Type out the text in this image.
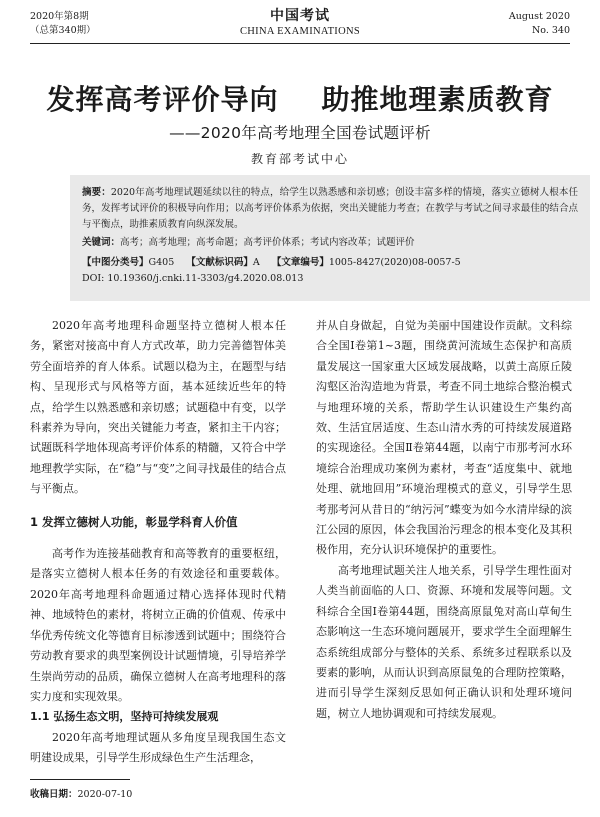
2020年第8期
（总第340期）
中国考试
CHINA EXAMINATIONS
August 2020
No. 340
发挥高考评价导向    助推地理素质教育
——2020年高考地理全国卷试题评析
教育部考试中心

摘要：2020年高考地理试题延续以往的特点，给学生以熟悉感和亲切感；创设丰富多样的情境，落实立德树人根本任务，发挥考试评价的积极导向作用；以高考评价体系为依据，突出关键能力考查；在教学与考试之间寻求最佳的结合点与平衡点，助推素质教育向纵深发展。

关键词：高考；高考地理；高考命题；高考评价体系；考试内容改革；试题评价

【中图分类号】G405 【文献标识码】A 【文章编号】1005-8427(2020)08-0057-5
DOI: 10.19360/j.cnki.11-3303/g4.2020.08.013

2020年高考地理科命题坚持立德树人根本任务，紧密对接高中育人方式改革，助力完善德智体美劳全面培养的育人体系。试题以稳为主，在题型与结构、呈现形式与风格等方面，基本延续近些年的特点，给学生以熟悉感和亲切感；试题稳中有变，以学科素养为导向，突出关键能力考查，紧扣主干内容；试题既科学地体现高考评价体系的精髓，又符合中学地理教学实际，在“稳”与“变”之间寻找最佳的结合点与平衡点。

1 发挥立德树人功能，彰显学科育人价值

高考作为连接基础教育和高等教育的重要枢纽，是落实立德树人根本任务的有效途径和重要载体。2020年高考地理科命题通过精心选择体现时代精神、地域特色的素材，将树立正确的价值观、传承中华优秀传统文化等德育目标渗透到试题中；围绕符合劳动教育要求的典型案例设计试题情境，引导培养学生崇尚劳动的品质，确保立德树人在高考地理科的落实力度和实现效果。

1.1 弘扬生态文明，坚持可持续发展观

2020年高考地理试题从多角度呈现我国生态文明建设成果，引导学生形成绿色生产生活理念，

并从自身做起，自觉为美丽中国建设作贡献。文科综合全国Ⅰ卷第1~3题，围绕黄河流域生态保护和高质量发展这一国家重大区域发展战略，以黄土高原丘陵沟壑区治沟造地为背景，考查不同土地综合整治模式与地理环境的关系，帮助学生认识建设生产集约高效、生活宜居适度、生态山清水秀的可持续发展道路的实现途径。全国Ⅱ卷第44题，以南宁市那考河水环境综合治理成功案例为素材，考查“适度集中、就地处理、就地回用”环境治理模式的意义，引导学生思考那考河从昔日的“纳污河”蝶变为如今水清岸绿的滨江公园的原因，体会我国治污理念的根本变化及其积极作用，充分认识环境保护的重要性。

高考地理试题关注人地关系，引导学生理性面对人类当前面临的人口、资源、环境和发展等问题。文科综合全国Ⅰ卷第44题，围绕高原鼠兔对高山草甸生态影响这一生态环境问题展开，要求学生全面理解生态系统组成部分与整体的关系、系统多过程联系以及要素的影响，从而认识到高原鼠兔的合理防控策略，进而引导学生深刻反思如何正确认识和处理环境问题，树立人地协调观和可持续发展观。

收稿日期：2020-07-10
